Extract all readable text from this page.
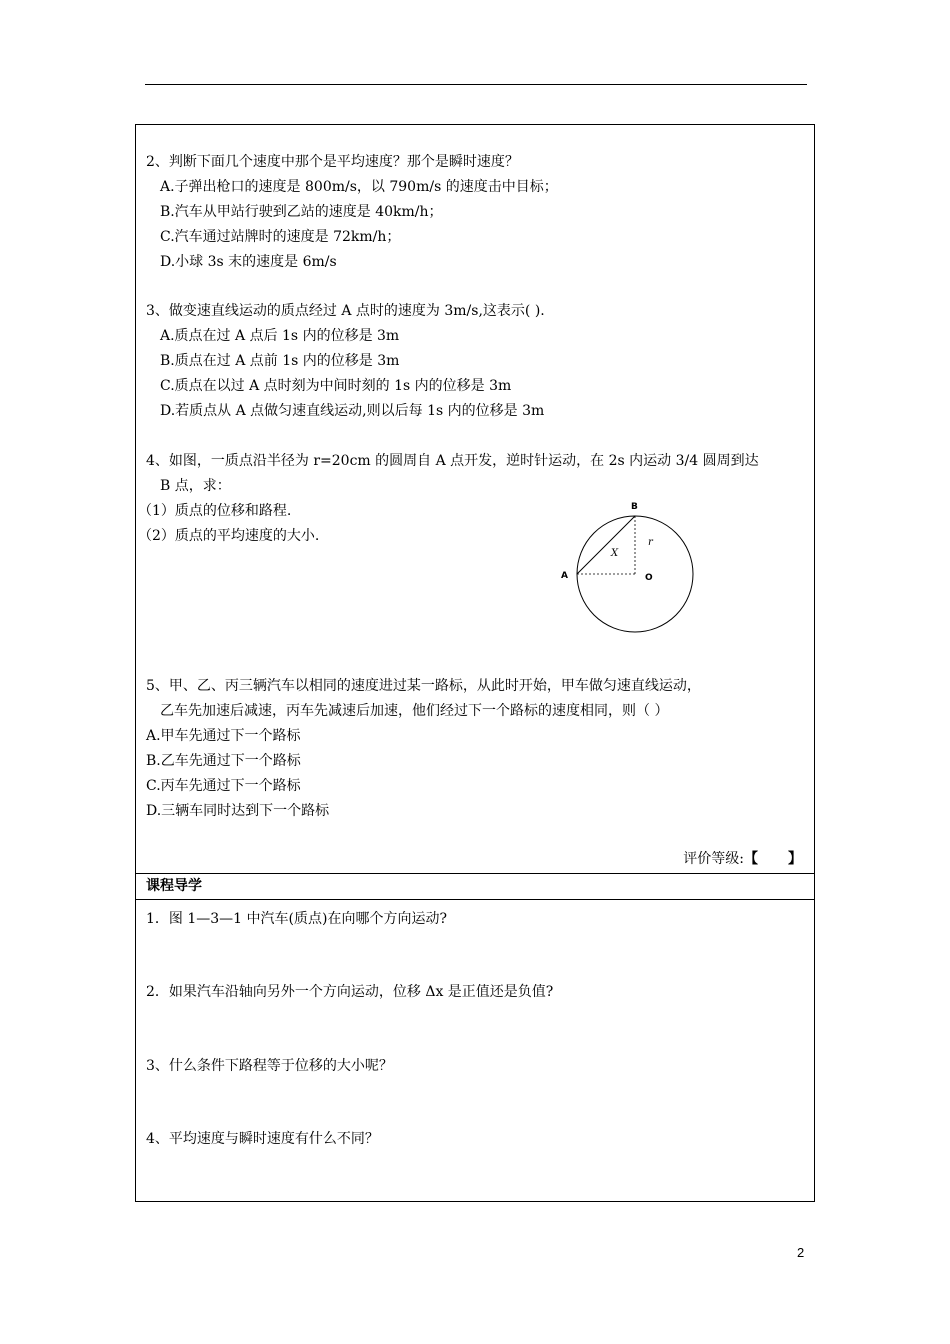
2、判断下面几个速度中那个是平均速度？那个是瞬时速度？
A.子弹出枪口的速度是 800m/s，以 790m/s 的速度击中目标；
B.汽车从甲站行驶到乙站的速度是 40km/h；
C.汽车通过站牌时的速度是 72km/h；
D.小球 3s 末的速度是 6m/s
3、做变速直线运动的质点经过 A 点时的速度为 3m/s,这表示( ).
A.质点在过 A 点后 1s 内的位移是 3m
B.质点在过 A 点前 1s 内的位移是 3m
C.质点在以过 A 点时刻为中间时刻的 1s 内的位移是 3m
D.若质点从 A 点做匀速直线运动,则以后每 1s 内的位移是 3m
4、如图，一质点沿半径为 r=20cm 的圆周自 A 点开发，逆时针运动，在 2s 内运动 3/4 圆周到达
B 点，求：
（1）质点的位移和路程.
（2）质点的平均速度的大小.
B
A	O
X
r
5、甲、乙、丙三辆汽车以相同的速度进过某一路标，从此时开始，甲车做匀速直线运动，
乙车先加速后减速，丙车先减速后加速，他们经过下一个路标的速度相同，则（ ）
A.甲车先通过下一个路标
B.乙车先通过下一个路标
C.丙车先通过下一个路标
D.三辆车同时达到下一个路标
评价等级:【 】
课程导学
1．图 1—3—1 中汽车(质点)在向哪个方向运动?
2．如果汽车沿轴向另外一个方向运动，位移 Δx 是正值还是负值?
3、什么条件下路程等于位移的大小呢？
4、平均速度与瞬时速度有什么不同？
2
